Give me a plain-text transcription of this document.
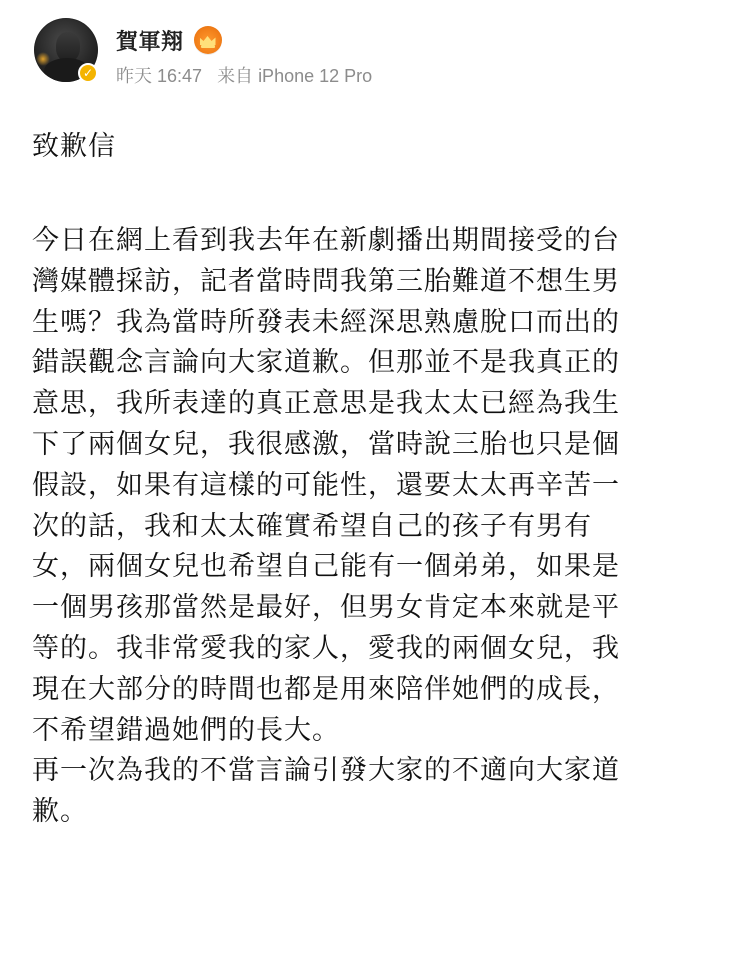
✓
賀軍翔
昨天 16:47 来自 iPhone 12 Pro
致歉信
今日在網上看到我去年在新劇播出期間接受的台
灣媒體採訪，記者當時問我第三胎難道不想生男
生嗎？我為當時所發表未經深思熟慮脫口而出的
錯誤觀念言論向大家道歉。但那並不是我真正的
意思，我所表達的真正意思是我太太已經為我生
下了兩個女兒，我很感激，當時說三胎也只是個
假設，如果有這樣的可能性，還要太太再辛苦一
次的話，我和太太確實希望自己的孩子有男有
女，兩個女兒也希望自己能有一個弟弟，如果是
一個男孩那當然是最好，但男女肯定本來就是平
等的。我非常愛我的家人，愛我的兩個女兒，我
現在大部分的時間也都是用來陪伴她們的成長，
不希望錯過她們的長大。
再一次為我的不當言論引發大家的不適向大家道
歉。
